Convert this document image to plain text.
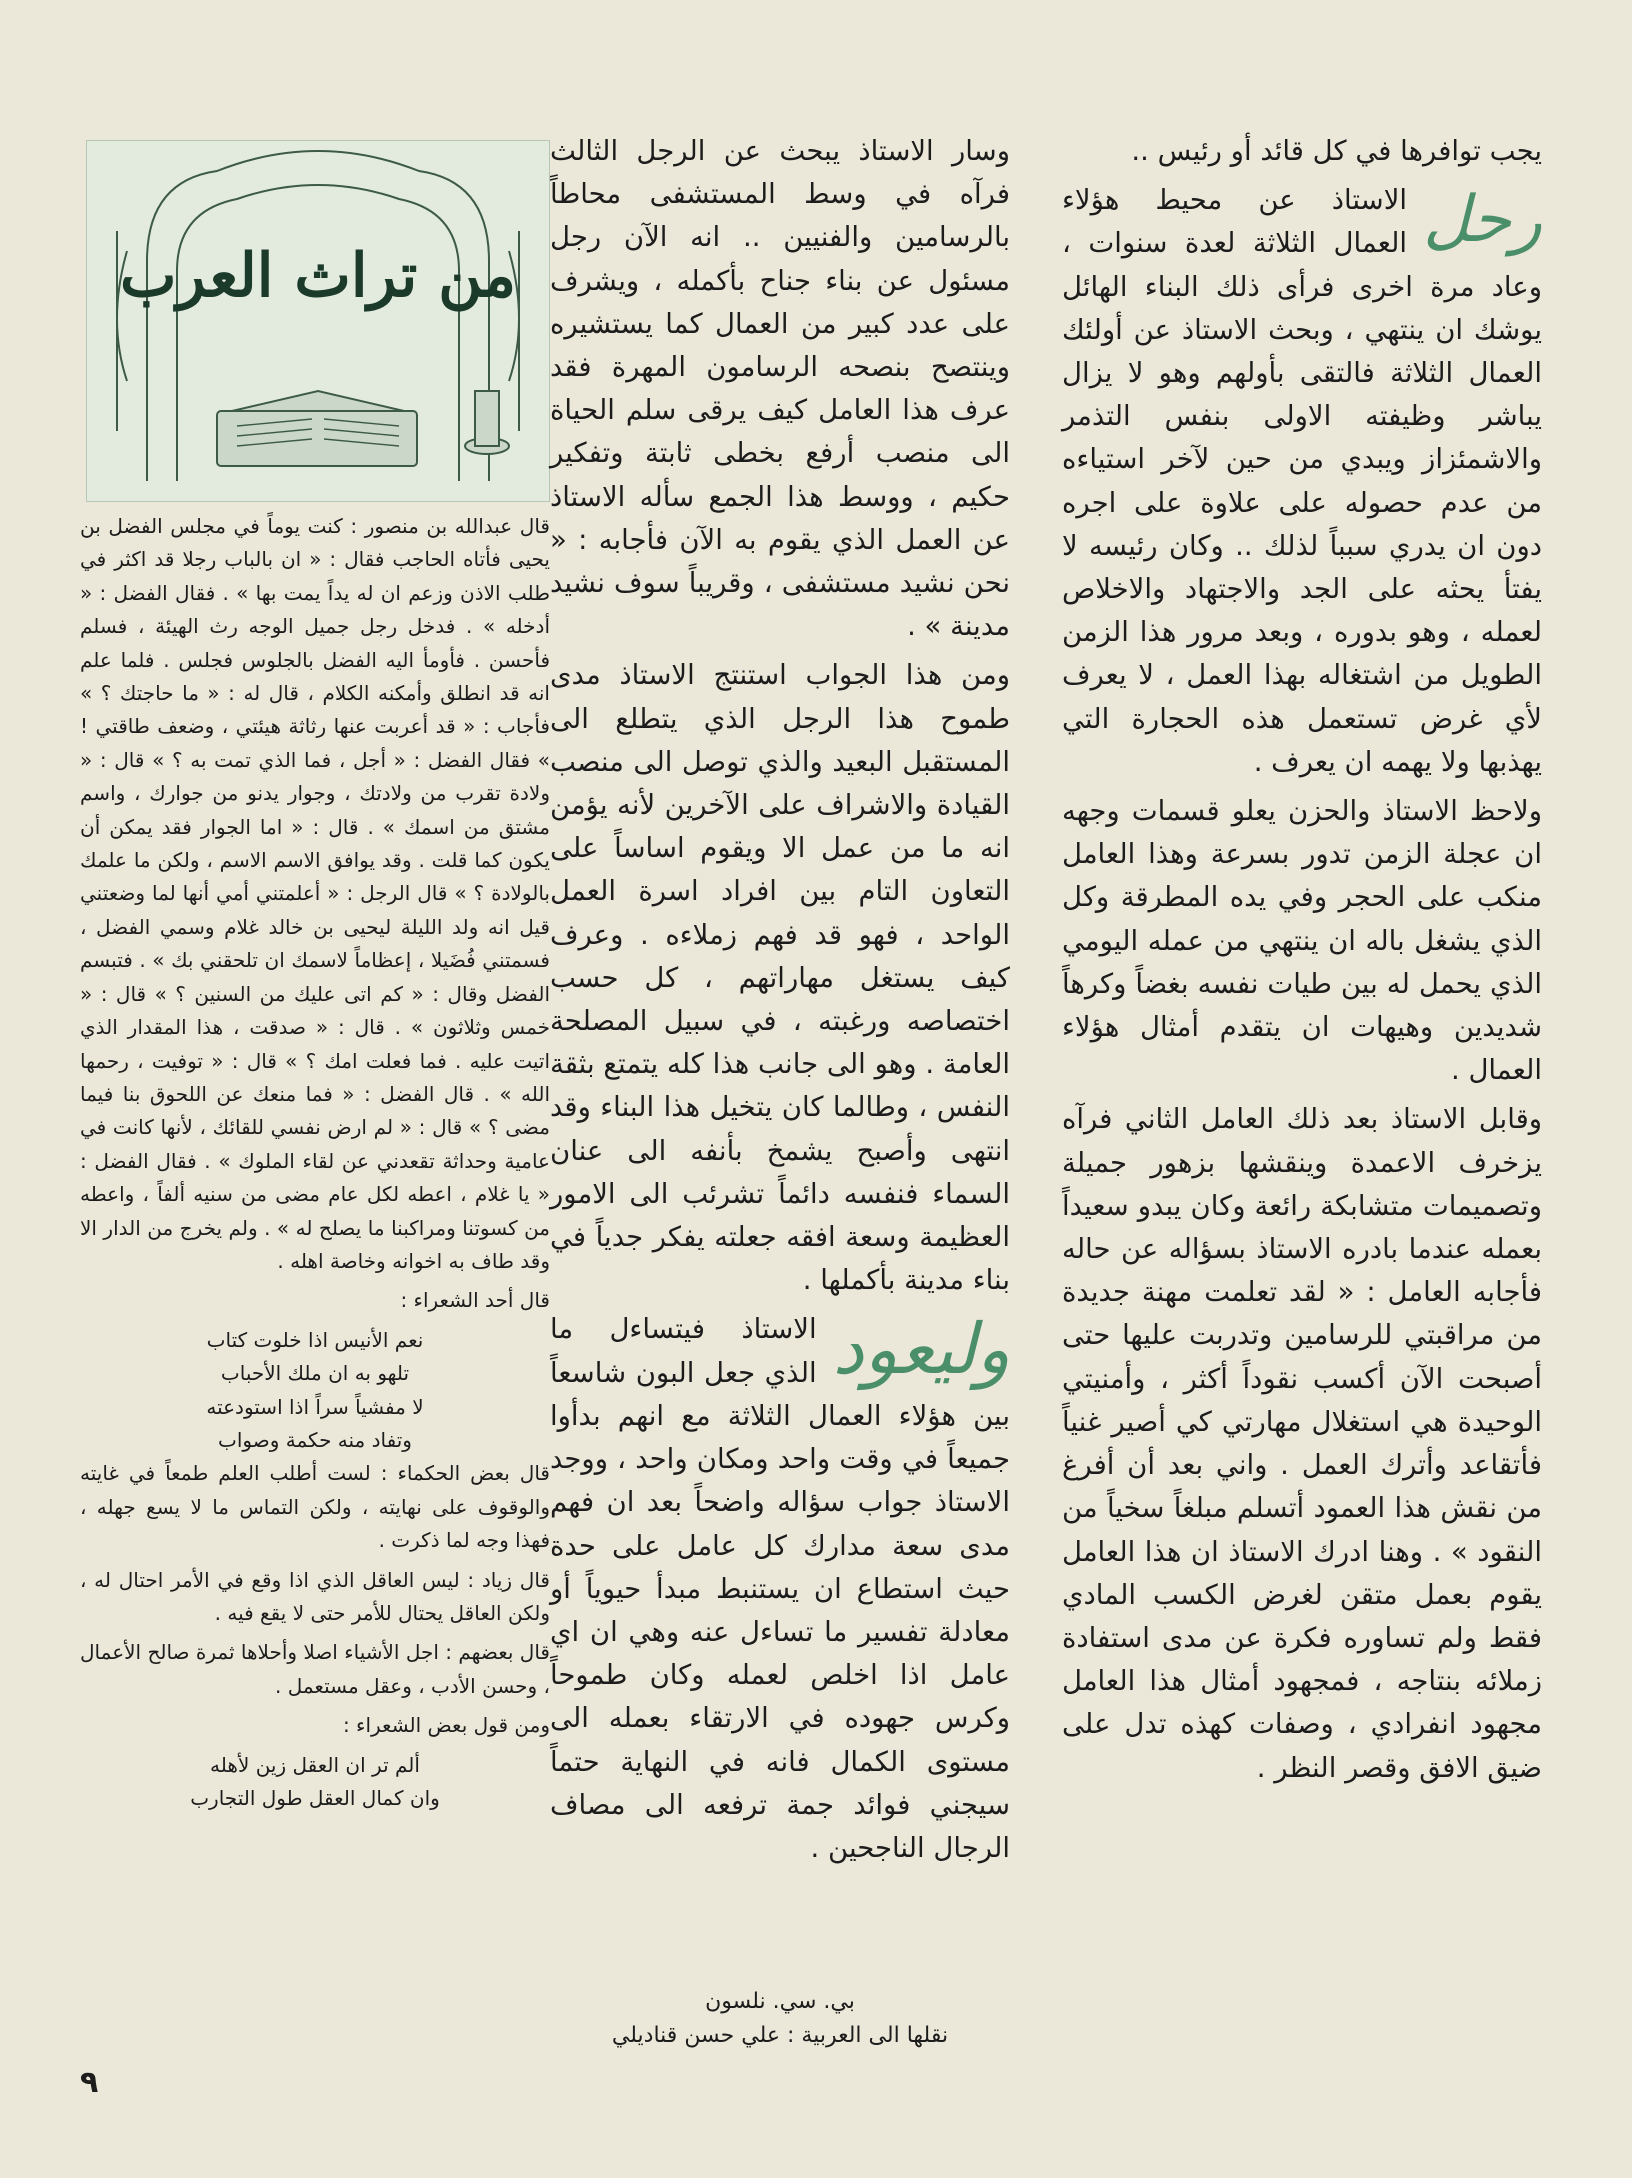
من تراث العرب

يجب توافرها في كل قائد أو رئيس ..

رحل

الاستاذ عن محيط هؤلاء العمال الثلاثة لعدة سنوات ، وعاد مرة اخرى فرأى ذلك البناء الهائل يوشك ان ينتهي ، وبحث الاستاذ عن أولئك العمال الثلاثة فالتقى بأولهم وهو لا يزال يباشر وظيفته الاولى بنفس التذمر والاشمئزاز ويبدي من حين لآخر استياءه من عدم حصوله على علاوة على اجره دون ان يدري سبباً لذلك .. وكان رئيسه لا يفتأ يحثه على الجد والاجتهاد والاخلاص لعمله ، وهو بدوره ، وبعد مرور هذا الزمن الطويل من اشتغاله بهذا العمل ، لا يعرف لأي غرض تستعمل هذه الحجارة التي يهذبها ولا يهمه ان يعرف .

ولاحظ الاستاذ والحزن يعلو قسمات وجهه ان عجلة الزمن تدور بسرعة وهذا العامل منكب على الحجر وفي يده المطرقة وكل الذي يشغل باله ان ينتهي من عمله اليومي الذي يحمل له بين طيات نفسه بغضاً وكرهاً شديدين وهيهات ان يتقدم أمثال هؤلاء العمال .

وقابل الاستاذ بعد ذلك العامل الثاني فرآه يزخرف الاعمدة وينقشها بزهور جميلة وتصميمات متشابكة رائعة وكان يبدو سعيداً بعمله عندما بادره الاستاذ بسؤاله عن حاله فأجابه العامل : « لقد تعلمت مهنة جديدة من مراقبتي للرسامين وتدربت عليها حتى أصبحت الآن أكسب نقوداً أكثر ، وأمنيتي الوحيدة هي استغلال مهارتي كي أصير غنياً فأتقاعد وأترك العمل . واني بعد أن أفرغ من نقش هذا العمود أتسلم مبلغاً سخياً من النقود » . وهنا ادرك الاستاذ ان هذا العامل يقوم بعمل متقن لغرض الكسب المادي فقط ولم تساوره فكرة عن مدى استفادة زملائه بنتاجه ، فمجهود أمثال هذا العامل مجهود انفرادي ، وصفات كهذه تدل على ضيق الافق وقصر النظر .

وسار الاستاذ يبحث عن الرجل الثالث فرآه في وسط المستشفى محاطاً بالرسامين والفنيين .. انه الآن رجل مسئول عن بناء جناح بأكمله ، ويشرف على عدد كبير من العمال كما يستشيره وينتصح بنصحه الرسامون المهرة فقد عرف هذا العامل كيف يرقى سلم الحياة الى منصب أرفع بخطى ثابتة وتفكير حكيم ، ووسط هذا الجمع سأله الاستاذ عن العمل الذي يقوم به الآن فأجابه : « نحن نشيد مستشفى ، وقريباً سوف نشيد مدينة » .

ومن هذا الجواب استنتج الاستاذ مدى طموح هذا الرجل الذي يتطلع الى المستقبل البعيد والذي توصل الى منصب القيادة والاشراف على الآخرين لأنه يؤمن انه ما من عمل الا ويقوم اساساً على التعاون التام بين افراد اسرة العمل الواحد ، فهو قد فهم زملاءه . وعرف كيف يستغل مهاراتهم ، كل حسب اختصاصه ورغبته ، في سبيل المصلحة العامة . وهو الى جانب هذا كله يتمتع بثقة النفس ، وطالما كان يتخيل هذا البناء وقد انتهى وأصبح يشمخ بأنفه الى عنان السماء فنفسه دائماً تشرئب الى الامور العظيمة وسعة افقه جعلته يفكر جدياً في بناء مدينة بأكملها .

وليعود

الاستاذ فيتساءل ما الذي جعل البون شاسعاً بين هؤلاء العمال الثلاثة مع انهم بدأوا جميعاً في وقت واحد ومكان واحد ، ووجد الاستاذ جواب سؤاله واضحاً بعد ان فهم مدى سعة مدارك كل عامل على حدة حيث استطاع ان يستنبط مبدأ حيوياً أو معادلة تفسير ما تساءل عنه وهي ان اي عامل اذا اخلص لعمله وكان طموحاً وكرس جهوده في الارتقاء بعمله الى مستوى الكمال فانه في النهاية حتماً سيجني فوائد جمة ترفعه الى مصاف الرجال الناجحين .

بي. سي. نلسون
نقلها الى العربية : علي حسن قناديلي

قال عبدالله بن منصور : كنت يوماً في مجلس الفضل بن يحيى فأتاه الحاجب فقال : « ان بالباب رجلا قد اكثر في طلب الاذن وزعم ان له يداً يمت بها » . فقال الفضل : « أدخله » . فدخل رجل جميل الوجه رث الهيئة ، فسلم فأحسن . فأومأ اليه الفضل بالجلوس فجلس . فلما علم انه قد انطلق وأمكنه الكلام ، قال له : « ما حاجتك ؟ » فأجاب : « قد أعربت عنها رثاثة هيئتي ، وضعف طاقتي ! » فقال الفضل : « أجل ، فما الذي تمت به ؟ » قال : « ولادة تقرب من ولادتك ، وجوار يدنو من جوارك ، واسم مشتق من اسمك » . قال : « اما الجوار فقد يمكن أن يكون كما قلت . وقد يوافق الاسم الاسم ، ولكن ما علمك بالولادة ؟ » قال الرجل : « أعلمتني أمي أنها لما وضعتني قيل انه ولد الليلة ليحيى بن خالد غلام وسمي الفضل ، فسمتني فُضَيلا ، إعظاماً لاسمك ان تلحقني بك » . فتبسم الفضل وقال : « كم اتى عليك من السنين ؟ » قال : « خمس وثلاثون » . قال : « صدقت ، هذا المقدار الذي اتيت عليه . فما فعلت امك ؟ » قال : « توفيت ، رحمها الله » . قال الفضل : « فما منعك عن اللحوق بنا فيما مضى ؟ » قال : « لم ارض نفسي للقائك ، لأنها كانت في عامية وحداثة تقعدني عن لقاء الملوك » . فقال الفضل : « يا غلام ، اعطه لكل عام مضى من سنيه ألفاً ، واعطه من كسوتنا ومراكبنا ما يصلح له » . ولم يخرج من الدار الا وقد طاف به اخوانه وخاصة اهله .

قال أحد الشعراء :

نعم الأنيس اذا خلوت كتاب
تلهو به ان ملك الأحباب
لا مفشياً سراً اذا استودعته
وتفاد منه حكمة وصواب

قال بعض الحكماء : لست أطلب العلم طمعاً في غايته والوقوف على نهايته ، ولكن التماس ما لا يسع جهله ، فهذا وجه لما ذكرت .

قال زياد : ليس العاقل الذي اذا وقع في الأمر احتال له ، ولكن العاقل يحتال للأمر حتى لا يقع فيه .

قال بعضهم : اجل الأشياء اصلا وأحلاها ثمرة صالح الأعمال ، وحسن الأدب ، وعقل مستعمل .

ومن قول بعض الشعراء :

ألم تر ان العقل زين لأهله
وان كمال العقل طول التجارب
٩
